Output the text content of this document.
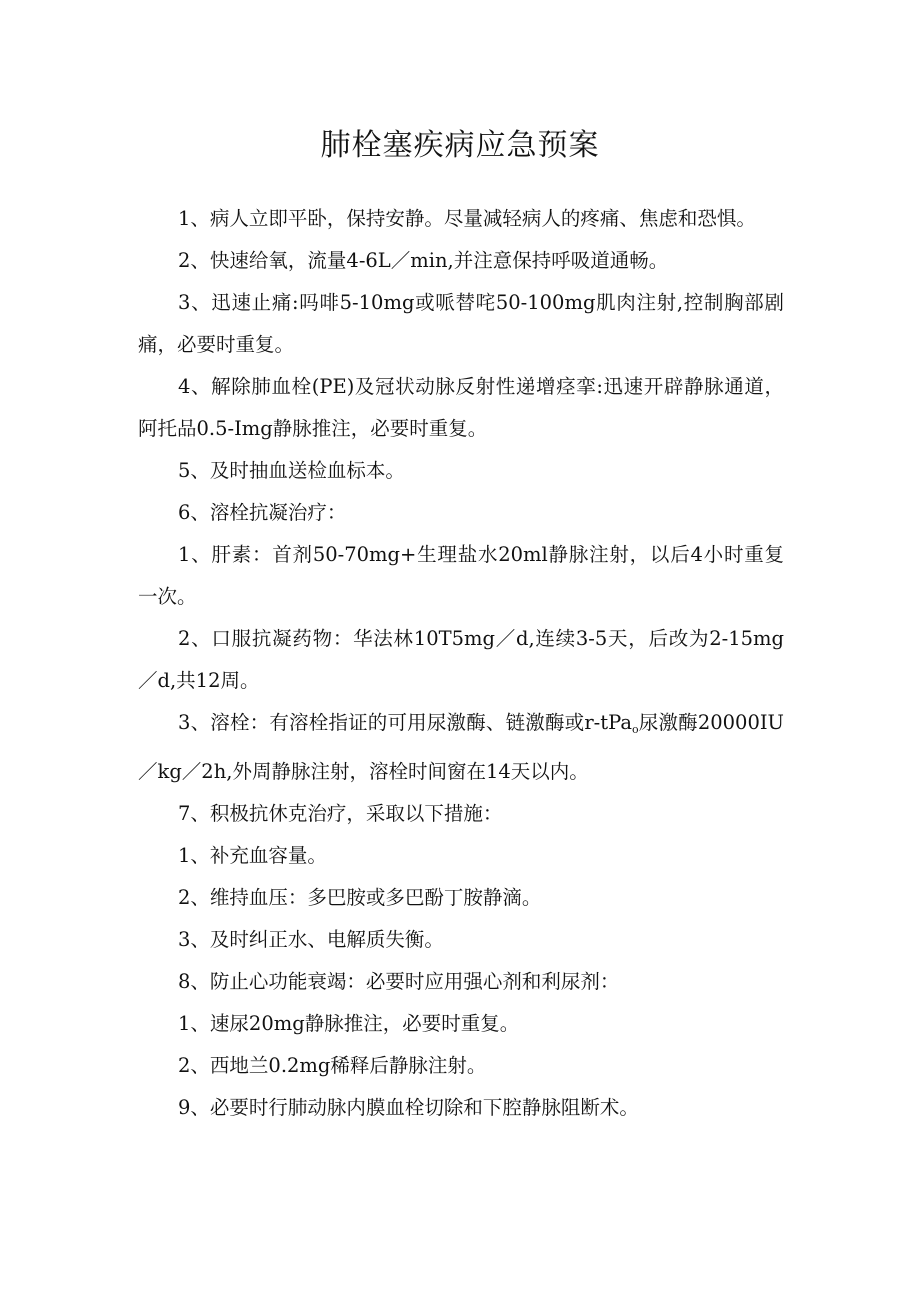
肺栓塞疾病应急预案

1、病人立即平卧，保持安静。尽量减轻病人的疼痛、焦虑和恐惧。

2、快速给氧，流量4-6L／min,并注意保持呼吸道通畅。

3、迅速止痛:吗啡5-10mg或哌替咤50-100mg肌肉注射,控制胸部剧痛，必要时重复。

4、解除肺血栓(PE)及冠状动脉反射性递增痉挛:迅速开辟静脉通道，阿托品0.5-Img静脉推注，必要时重复。

5、及时抽血送检血标本。

6、溶栓抗凝治疗：

1、肝素：首剂50-70mg+生理盐水20ml静脉注射，以后4小时重复一次。

2、口服抗凝药物：华法林10T5mg／d,连续3-5天，后改为2-15mg／d,共12周。

3、溶栓：有溶栓指证的可用尿激酶、链激酶或r-tPa$_o$尿激酶20000IU／kg／2h,外周静脉注射，溶栓时间窗在14天以内。

7、积极抗休克治疗，采取以下措施：

1、补充血容量。

2、维持血压：多巴胺或多巴酚丁胺静滴。

3、及时纠正水、电解质失衡。

8、防止心功能衰竭：必要时应用强心剂和利尿剂：

1、速尿20mg静脉推注，必要时重复。

2、西地兰0.2mg稀释后静脉注射。

9、必要时行肺动脉内膜血栓切除和下腔静脉阻断术。
